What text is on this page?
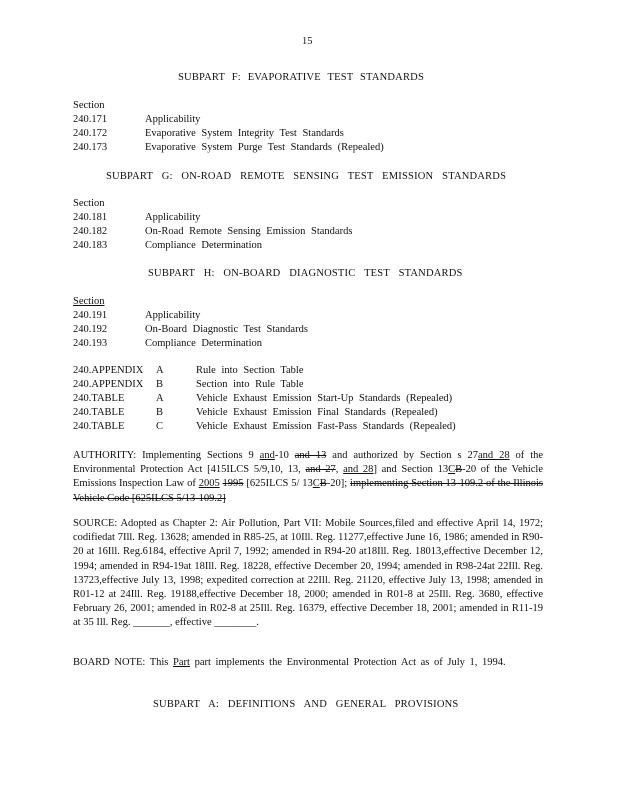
15
SUBPART F: EVAPORATIVE TEST STANDARDS
Section
240.171	Applicability
240.172	Evaporative System Integrity Test Standards
240.173	Evaporative System Purge Test Standards (Repealed)
SUBPART G: ON-ROAD REMOTE SENSING TEST EMISSION STANDARDS
Section
240.181	Applicability
240.182	On-Road Remote Sensing Emission Standards
240.183	Compliance Determination
SUBPART H: ON-BOARD DIAGNOSTIC TEST STANDARDS
Section
240.191	Applicability
240.192	On-Board Diagnostic Test Standards
240.193	Compliance Determination
240.APPENDIX A	Rule into Section Table
240.APPENDIX B	Section into Rule Table
240.TABLE	A	Vehicle Exhaust Emission Start-Up Standards (Repealed)
240.TABLE	B	Vehicle Exhaust Emission Final Standards (Repealed)
240.TABLE	C	Vehicle Exhaust Emission Fast-Pass Standards (Repealed)
AUTHORITY: Implementing Sections 9 and-10 and 13 and authorized by Section s 27and 28 of the Environmental Protection Act [415ILCS 5/9,10, 13, and 27, and 28] and Section 13CB-20 of the Vehicle Emissions Inspection Law of 2005 1995 [625ILCS 5/ 13CB-20]; implementing Section 13-109.2 of the Illinois Vehicle Code [625ILCS 5/13-109.2]
SOURCE: Adopted as Chapter 2: Air Pollution, Part VII: Mobile Sources,filed and effective April 14, 1972; codifiedat 7Ill. Reg. 13628; amended in R85-25, at 10Ill. Reg. 11277,effective June 16, 1986; amended in R90-20 at 16Ill. Reg.6184, effective April 7, 1992; amended in R94-20 at18Ill. Reg. 18013,effective December 12, 1994; amended in R94-19at 18Ill. Reg. 18228, effective December 20, 1994; amended in R98-24at 22Ill. Reg. 13723,effective July 13, 1998; expedited correction at 22Ill. Reg. 21120, effective July 13, 1998; amended in R01-12 at 24Ill. Reg. 19188,effective December 18, 2000; amended in R01-8 at 25Ill. Reg. 3680, effective February 26, 2001; amended in R02-8 at 25Ill. Reg. 16379, effective December 18, 2001; amended in R11-19 at 35 Ill. Reg. _______, effective ________.
BOARD NOTE: This Part part implements the Environmental Protection Act as of July 1, 1994.
SUBPART A: DEFINITIONS AND GENERAL PROVISIONS
